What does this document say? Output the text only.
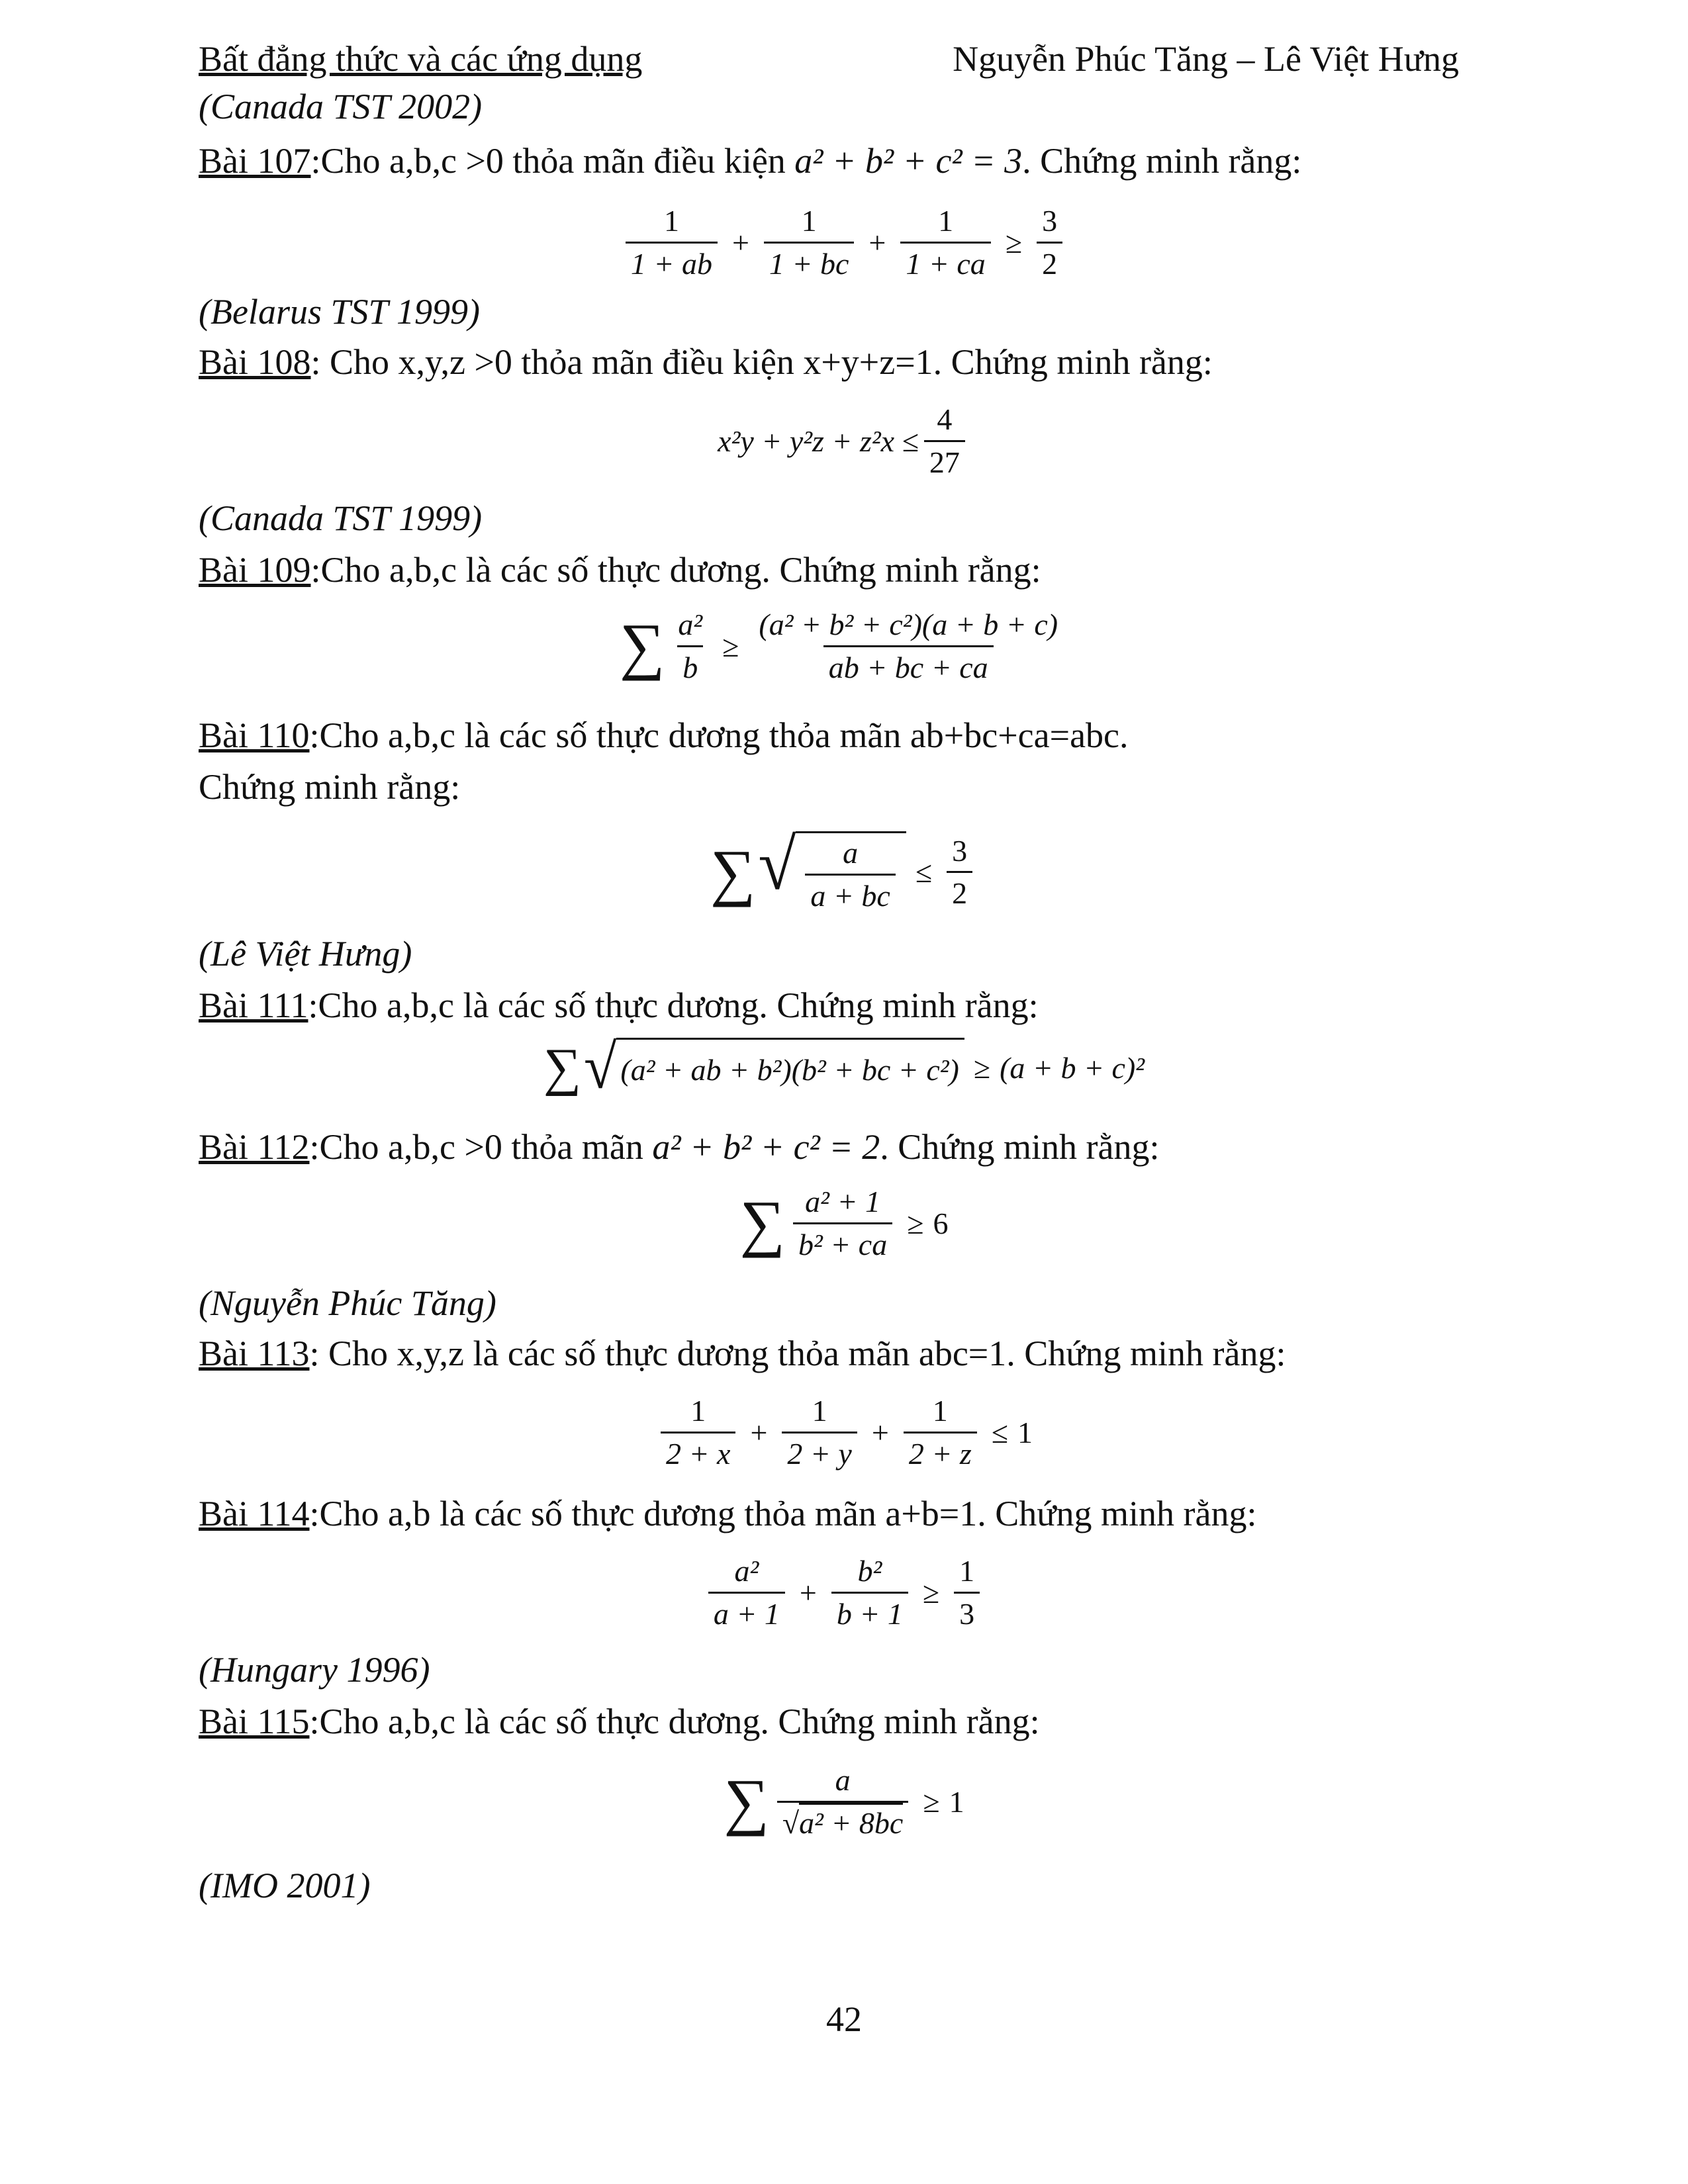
Bất đẳng thức và các ứng dụng	Nguyễn Phúc Tăng – Lê Việt Hưng
(Canada TST 2002)
Bài 107:Cho a,b,c >0 thỏa mãn điều kiện a² + b² + c² = 3. Chứng minh rằng:
$\frac{1}{1 + ab} + \frac{1}{1 + bc} + \frac{1}{1 + ca} \ge \frac{3}{2}$
(Belarus TST 1999)
Bài 108: Cho x,y,z >0 thỏa mãn điều kiện x+y+z=1. Chứng minh rằng:
$x^2y + y^2z + z^2x \le \frac{4}{27}$
(Canada TST 1999)
Bài 109:Cho a,b,c là các số thực dương. Chứng minh rằng:
∑ $\frac{\text{a²}}{b} \ge \frac{\text{(a² + b² + c²)(a + b + c)}}{ab + bc + ca}$
Bài 110:Cho a,b,c là các số thực dương thỏa mãn ab+bc+ca=abc.
Chứng minh rằng:
∑ √ $\frac{a}{a + bc} \le \frac{3}{2}$
(Lê Việt Hưng)
Bài 111:Cho a,b,c là các số thực dương. Chứng minh rằng:
∑ √ (a² + ab + b²)(b² + bc + c²) ≥ (a + b + c)²
Bài 112:Cho a,b,c >0 thỏa mãn a² + b² + c² = 2. Chứng minh rằng:
∑ $\frac{\text{a² + 1}}{\text{b² + ca}} \ge 6$
(Nguyễn Phúc Tăng)
Bài 113: Cho x,y,z là các số thực dương thỏa mãn abc=1. Chứng minh rằng:
$\frac{1}{2 + x} + \frac{1}{2 + y} + \frac{1}{2 + z} \le 1$
Bài 114:Cho a,b là các số thực dương thỏa mãn a+b=1. Chứng minh rằng:
$\frac{\text{a²}}{a + 1} + \frac{\text{b²}}{b + 1} \ge \frac{1}{3}$
(Hungary 1996)
Bài 115:Cho a,b,c là các số thực dương. Chứng minh rằng:
∑ $\frac{a}{\text{√a² + 8bc}} \ge 1$
(IMO 2001)
42
